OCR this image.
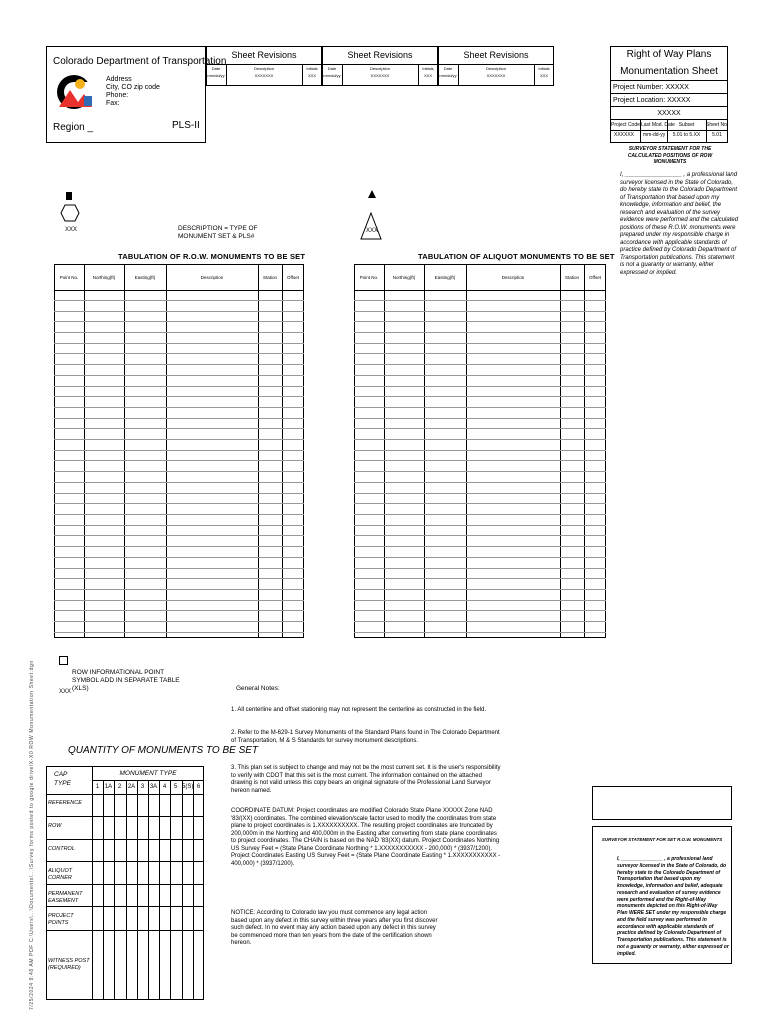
Colorado Department of Transportation
Address
City, CO zip code
Phone:
Fax:
Region _	PLS-II
Sheet Revisions
Date	Description	Initials
mm/dd/yy	XXXXXXX	XXX
Sheet Revisions
Date	Description	Initials
mm/dd/yy	XXXXXXX	XXX
Sheet Revisions
Date	Description	Initials
mm/dd/yy	XXXXXXX	XXX
Right of Way Plans
Monumentation Sheet
Project Number: XXXXX
Project Location: XXXXX
XXXXX
Project Code Last Mod. Date Subset	Sheet No.
XXXXXX mm-dd-yy	5.01 to 5.XX	5.01
SURVEYOR STATEMENT FOR THE CALCULATED POSITIONS OF ROW MONUMENTS
I, _________________ , a professional land surveyor licensed in the State of Colorado, do hereby state to the Colorado Department of Transportation that based upon my knowledge, information and belief, the research and evaluation of the survey evidence were performed and the calculated positions of these R.O.W. monuments were prepared under my responsible charge in accordance with applicable standards of practice defined by Colorado Department of Transportation publications. This statement is not a guaranty or warranty, either expressed or implied.
XXX	DESCRIPTION = TYPE OF MONUMENT SET & PLS#
XXX
TABULATION OF R.O.W. MONUMENTS TO BE SET
Point No.	Northing(ft)	Easting(ft)	Description	Station	Offset
TABULATION OF ALIQUOT MONUMENTS TO BE SET
Point No.	Northing(ft)	Easting(ft)	Description	Station	Offset
ROW INFORMATIONAL POINT SYMBOL ADD IN SEPARATE TABLE (XLS)
XXX	General Notes:
1. All centerline and offset stationing may not represent the centerline as constructed in the field.
2. Refer to the M-629-1 Survey Monuments of the Standard Plans found in The Colorado Department of Transportation, M & S Standards for survey monument descriptions.
3. This plan set is subject to change and may not be the most current set. It is the user's responsibility to verify with CDOT that this set is the most current. The information contained on the attached drawing is not valid unless this copy bears an original signature of the Professional Land Surveyor hereon named.
COORDINATE DATUM: Project coordinates are modified Colorado State Plane XXXXX Zone NAD '83/(XX) coordinates. The combined elevation/scale factor used to modify the coordinates from state plane to project coordinates is 1.XXXXXXXXXX. The resulting project coordinates are truncated by 200,000m in the Northing and 400,000m in the Easting after converting from state plane coordinates to project coordinates. The CHAIN is based on the NAD '83(XX) datum. Project Coordinates Northing US Survey Feet = (State Plane Coordinate Northing * 1.XXXXXXXXXXX - 200,000) * (3937/1200). Project Coordinates Easting US Survey Feet = (State Plane Coordinate Easting * 1.XXXXXXXXXXX - 400,000) * (3937/1200).
NOTICE: According to Colorado law you must commence any legal action based upon any defect in this survey within three years after you first discover such defect. In no event may any action based upon any defect in this survey be commenced more than ten years from the date of the certification shown hereon.
QUANTITY OF MONUMENTS TO BE SET
CAP
TYPE
MONUMENT TYPE
1 1A 2	2A 3 3A 4	5 5(S) 6
REFERENCE
ROW
CONTROL
ALIQUOT CORNER
PERMANENT EASEMENT
PROJECT POINTS
WITNESS POST (REQUIRED)
SURVEYOR STATEMENT FOR SET R.O.W. MONUMENTS
I, _______________ , a professional land surveyor licensed in the State of Colorado, do hereby state to the Colorado Department of Transportation that based upon my knowledge, information and belief, adequate research and evaluation of survey evidence were performed and the Right-of-Way monuments depicted on this Right-of-Way Plan WERE SET under my responsible charge and the field survey was performed in accordance with applicable standards of practice defined by Colorado Department of Transportation publications. This statement is not a guaranty or warranty, either expressed or implied.
7/25/2024 9:48 AM PDF C:\Users\...\Documents\...\Survey forms posted to google drive\X-X0 ROW Monumentation Sheet.dgn
